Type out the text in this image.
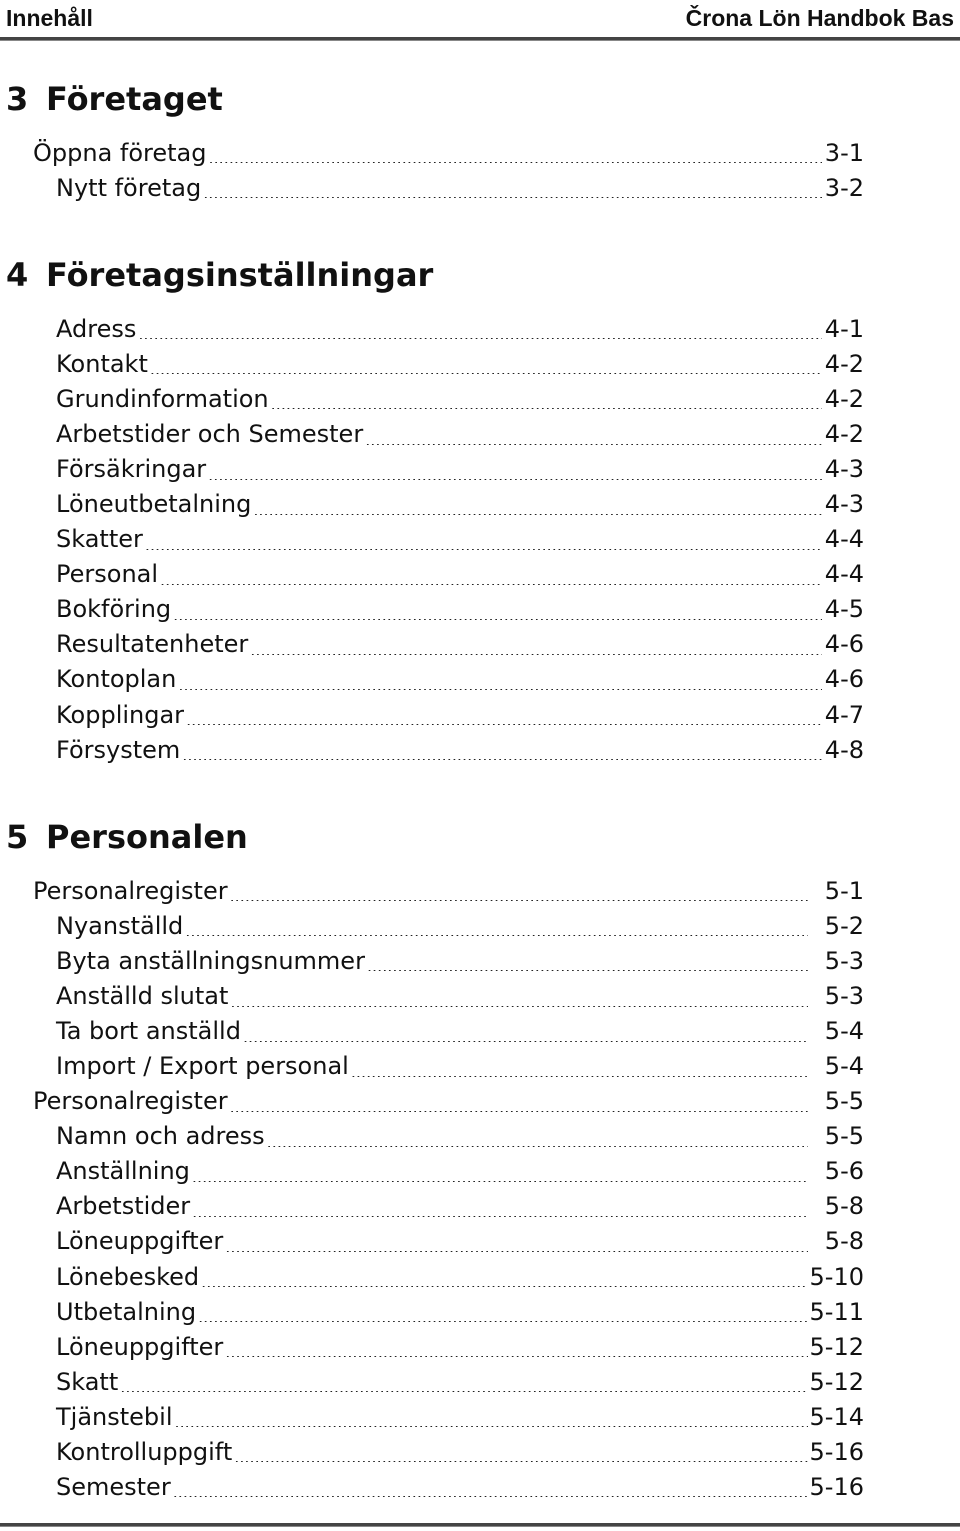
Innehåll	Črona Lön Handbok Bas
3 Företaget
Öppna företag .....	3-1
Nytt företag .....	3-2
4 Företagsinställningar
Adress .....	4-1
Kontakt .....	4-2
Grundinformation .....	4-2
Arbetstider och Semester .....	4-2
Försäkringar .....	4-3
Löneutbetalning .....	4-3
Skatter .....	4-4
Personal .....	4-4
Bokföring .....	4-5
Resultatenheter .....	4-6
Kontoplan .....	4-6
Kopplingar .....	4-7
Försystem .....	4-8
5 Personalen
Personalregister .....	5-1
Nyanställd .....	5-2
Byta anställningsnummer .....	5-3
Anställd slutat .....	5-3
Ta bort anställd .....	5-4
Import / Export personal .....	5-4
Personalregister .....	5-5
Namn och adress .....	5-5
Anställning .....	5-6
Arbetstider .....	5-8
Löneuppgifter .....	5-8
Lönebesked .....	5-10
Utbetalning .....	5-11
Löneuppgifter .....	5-12
Skatt .....	5-12
Tjänstebil .....	5-14
Kontrolluppgift .....	5-16
Semester .....	5-16
